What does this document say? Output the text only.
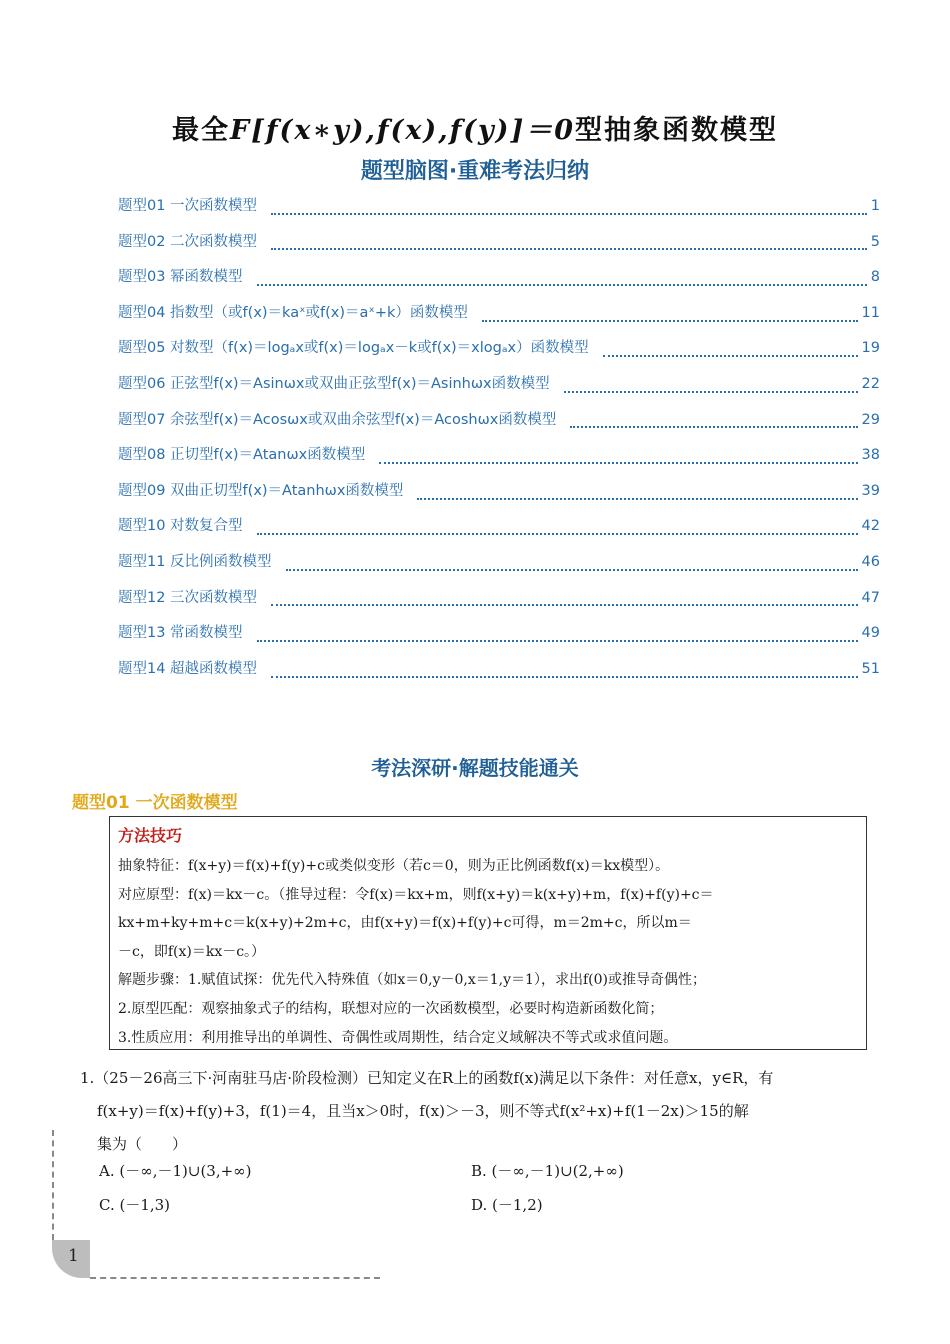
最全F[f(x∗y),f(x),f(y)]＝0型抽象函数模型
题型脑图·重难考法归纳
题型01 一次函数模型	1
题型02 二次函数模型	5
题型03 幂函数模型	8
题型04 指数型（或f(x)＝kaˣ或f(x)＝aˣ+k）函数模型	11
题型05 对数型（f(x)＝logₐx或f(x)＝logₐx－k或f(x)＝xlogₐx）函数模型	19
题型06 正弦型f(x)＝Asinωx或双曲正弦型f(x)＝Asinhωx函数模型	22
题型07 余弦型f(x)＝Acosωx或双曲余弦型f(x)＝Acoshωx函数模型	29
题型08 正切型f(x)＝Atanωx函数模型	38
题型09 双曲正切型f(x)＝Atanhωx函数模型	39
题型10 对数复合型	42
题型11 反比例函数模型	46
题型12 三次函数模型	47
题型13 常函数模型	49
题型14 超越函数模型	51
考法深研·解题技能通关
题型01 一次函数模型
方法技巧
抽象特征：f(x+y)＝f(x)+f(y)+c或类似变形（若c＝0，则为正比例函数f(x)＝kx模型）。
对应原型：f(x)＝kx－c。（推导过程：令f(x)＝kx+m，则f(x+y)＝k(x+y)+m，f(x)+f(y)+c＝
kx+m+ky+m+c＝k(x+y)+2m+c，由f(x+y)＝f(x)+f(y)+c可得，m＝2m+c，所以m＝
－c，即f(x)＝kx－c。）
解题步骤：1.赋值试探：优先代入特殊值（如x＝0,y－0,x＝1,y＝1），求出f(0)或推导奇偶性；
2.原型匹配：观察抽象式子的结构，联想对应的一次函数模型，必要时构造新函数化简；
3.性质应用：利用推导出的单调性、奇偶性或周期性，结合定义域解决不等式或求值问题。
1.（25－26高三下·河南驻马店·阶段检测）已知定义在R上的函数f(x)满足以下条件：对任意x，y∈R，有
f(x+y)＝f(x)+f(y)+3，f(1)＝4，且当x＞0时，f(x)＞－3，则不等式f(x²+x)+f(1－2x)＞15的解
集为（　　）
A. (－∞,－1)∪(3,+∞)	B. (－∞,－1)∪(2,+∞)
C. (－1,3)	D. (－1,2)
1
